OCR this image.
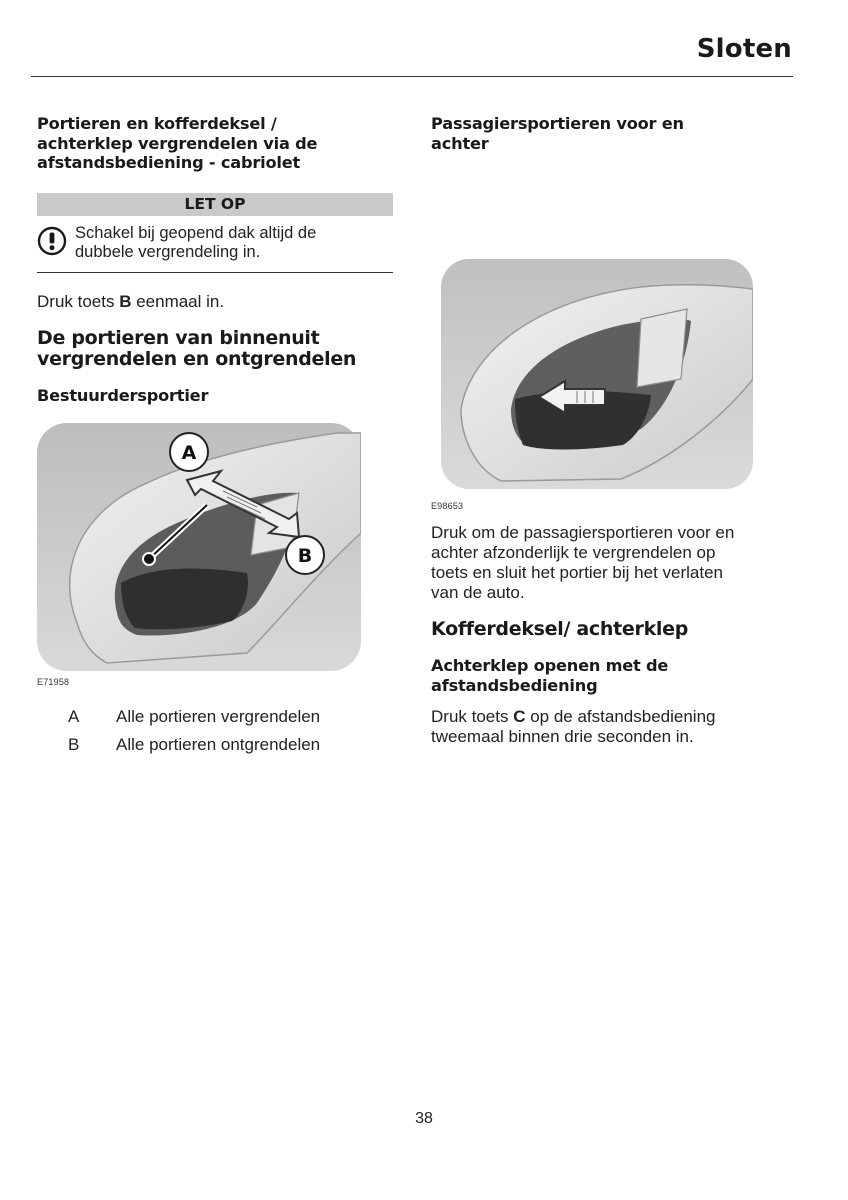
Sloten
Portieren en kofferdeksel /
achterklep vergrendelen via de
afstandsbediening - cabriolet
LET OP
Schakel bij geopend dak altijd de
dubbele vergrendeling in.

Druk toets B eenmaal in.

De portieren van binnenuit
vergrendelen en ontgrendelen
Bestuurdersportier
A
B
E71958
A	Alle portieren vergrendelen
B	Alle portieren ontgrendelen
Passagiersportieren voor en
achter
E98653

Druk om de passagiersportieren voor en
achter afzonderlijk te vergrendelen op
toets en sluit het portier bij het verlaten
van de auto.

Kofferdeksel/ achterklep
Achterklep openen met de
afstandsbediening

Druk toets C op de afstandsbediening
tweemaal binnen drie seconden in.

38
